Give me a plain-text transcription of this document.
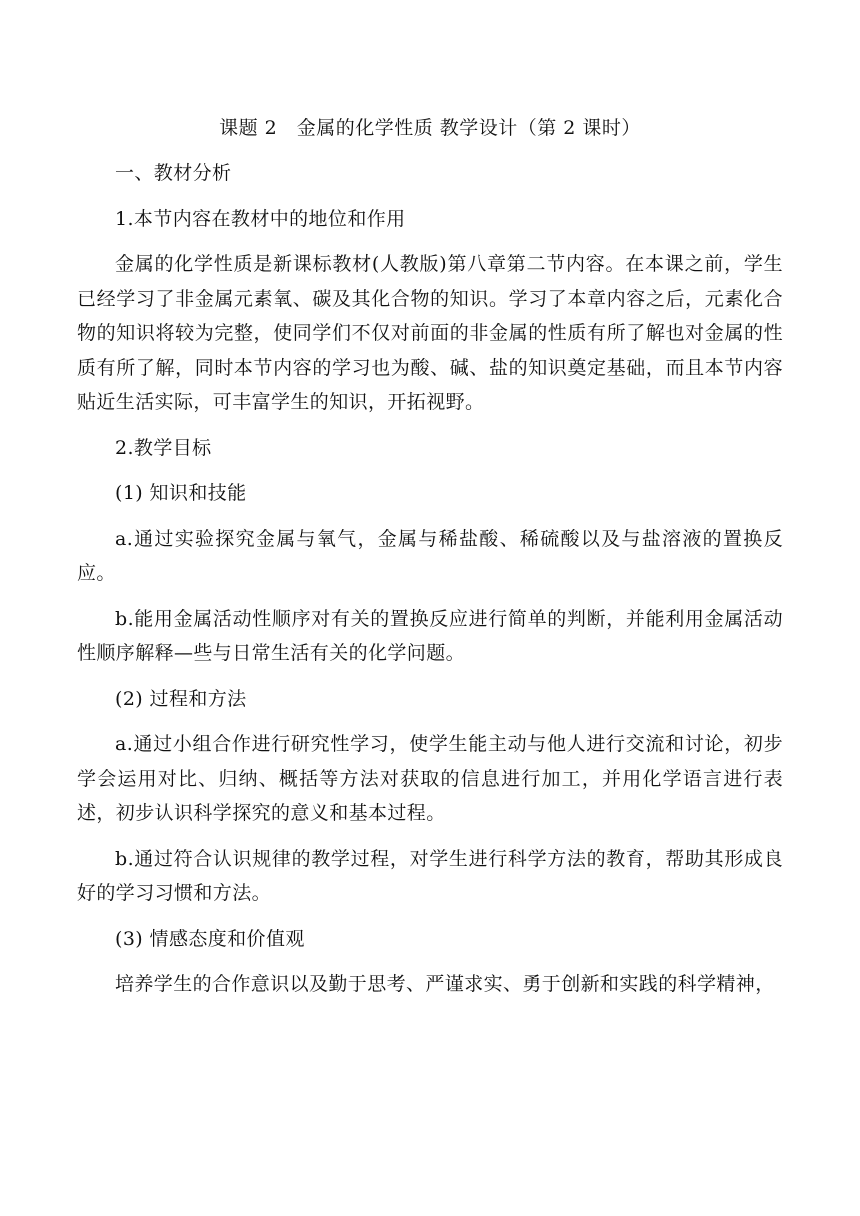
课题 2　金属的化学性质 教学设计（第 2 课时）

一、教材分析

1.本节内容在教材中的地位和作用

金属的化学性质是新课标教材(人教版)第八章第二节内容。在本课之前，学生已经学习了非金属元素氧、碳及其化合物的知识。学习了本章内容之后，元素化合物的知识将较为完整，使同学们不仅对前面的非金属的性质有所了解也对金属的性质有所了解，同时本节内容的学习也为酸、碱、盐的知识奠定基础，而且本节内容贴近生活实际，可丰富学生的知识，开拓视野。

2.教学目标

(1) 知识和技能

a.通过实验探究金属与氧气，金属与稀盐酸、稀硫酸以及与盐溶液的置换反应。

b.能用金属活动性顺序对有关的置换反应进行简单的判断，并能利用金属活动性顺序解释—些与日常生活有关的化学问题。

(2) 过程和方法

a.通过小组合作进行研究性学习，使学生能主动与他人进行交流和讨论，初步学会运用对比、归纳、概括等方法对获取的信息进行加工，并用化学语言进行表述，初步认识科学探究的意义和基本过程。

b.通过符合认识规律的教学过程，对学生进行科学方法的教育，帮助其形成良好的学习习惯和方法。

(3) 情感态度和价值观

培养学生的合作意识以及勤于思考、严谨求实、勇于创新和实践的科学精神，
